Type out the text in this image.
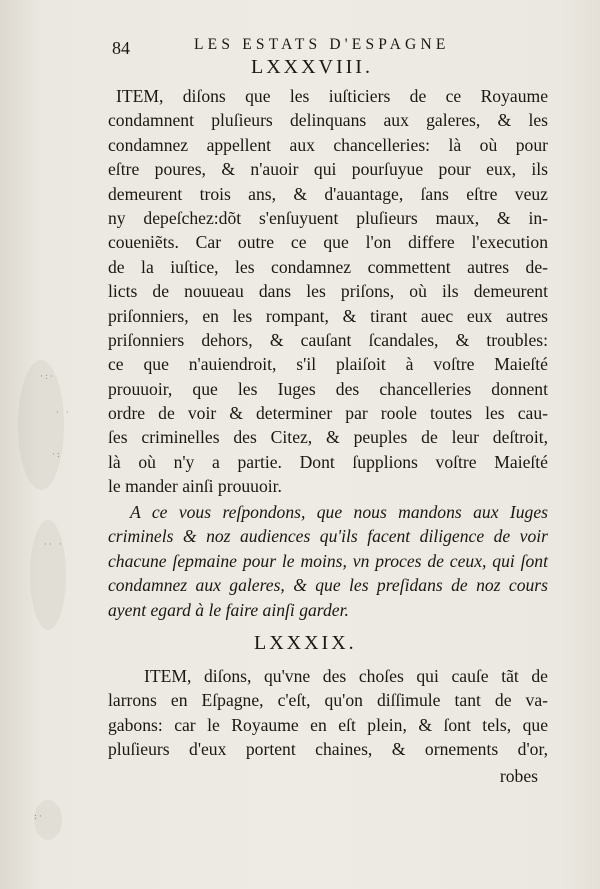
·:·
· ·
·:
·· ·
:·
84	LES ESTATS D'ESPAGNE
LXXXVIII.
ITEM, diſons que les iuſticiers de ce Royaume
condamnent pluſieurs delinquans aux galeres, & les
condamnez appellent aux chancelleries: là où pour
eſtre poures, & n'auoir qui pourſuyue pour eux, ils
demeurent trois ans, & d'auantage, ſans eſtre veuz
ny depeſchez:dõt s'enſuyuent pluſieurs maux, & in-
coueniẽts. Car outre ce que l'on differe l'execution
de la iuſtice, les condamnez commettent autres de-
licts de nouueau dans les priſons, où ils demeurent
priſonniers, en les rompant, & tirant auec eux autres
priſonniers dehors, & cauſant ſcandales, & troubles:
ce que n'auiendroit, s'il plaiſoit à voſtre Maieſté
prouuoir, que les Iuges des chancelleries donnent
ordre de voir & determiner par roole toutes les cau-
ſes criminelles des Citez, & peuples de leur deſtroit,
là où n'y a partie. Dont ſupplions voſtre Maieſté
le mander ainſi prouuoir.
A ce vous reſpondons, que nous mandons aux Iuges
criminels & noz audiences qu'ils facent diligence de voir
chacune ſepmaine pour le moins, vn proces de ceux, qui ſont
condamnez aux galeres, & que les preſidans de noz cours
ayent egard à le faire ainſi garder.
LXXXIX.
ITEM, diſons, qu'vne des choſes qui cauſe tãt de
larrons en Eſpagne, c'eſt, qu'on diſſimule tant de va-
gabons: car le Royaume en eſt plein, & ſont tels, que
pluſieurs d'eux portent chaines, & ornements d'or,
robes
